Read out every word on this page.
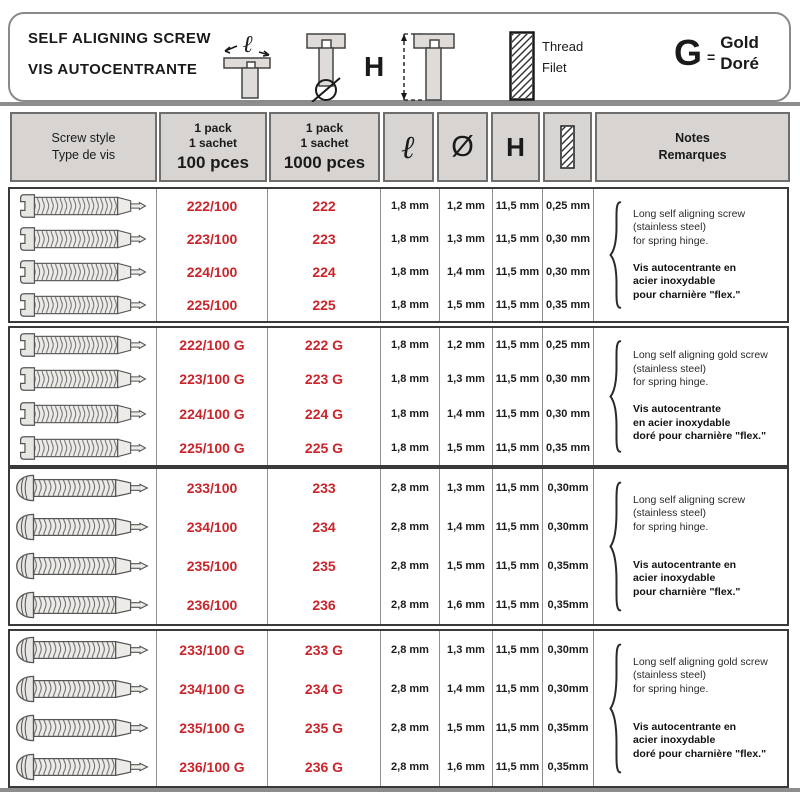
SELF ALIGNING SCREW
VIS AUTOCENTRANTE
ℓ
H
Thread
Filet	G =
Gold
Doré
Screw style
Type de vis
1 pack
1 sachet
100 pces
1 pack
1 sachet
1000 pces ℓ Ø H	Notes
Remarques
222/100	222	1,8 mm	1,2 mm 11,5 mm 0,25 mm
223/100	223	1,8 mm	1,3 mm 11,5 mm 0,30 mm
224/100	224	1,8 mm	1,4 mm 11,5 mm 0,30 mm
225/100	225	1,8 mm	1,5 mm 11,5 mm 0,35 mm
Long self aligning screw
(stainless steel)
for spring hinge.
Vis autocentrante en
acier inoxydable
pour charnière "flex."
222/100 G	222 G	1,8 mm	1,2 mm 11,5 mm 0,25 mm
223/100 G	223 G	1,8 mm	1,3 mm 11,5 mm 0,30 mm
224/100 G	224 G	1,8 mm	1,4 mm 11,5 mm 0,30 mm
225/100 G	225 G	1,8 mm	1,5 mm 11,5 mm 0,35 mm
Long self aligning gold screw
(stainless steel)
for spring hinge.
Vis autocentrante
en acier inoxydable
doré pour charnière "flex."
233/100	233	2,8 mm	1,3 mm 11,5 mm 0,30mm
234/100	234	2,8 mm	1,4 mm 11,5 mm 0,30mm
235/100	235	2,8 mm	1,5 mm 11,5 mm 0,35mm
236/100	236	2,8 mm	1,6 mm 11,5 mm 0,35mm
Long self aligning screw
(stainless steel)
for spring hinge.
Vis autocentrante en
acier inoxydable
pour charnière "flex."
233/100 G	233 G	2,8 mm	1,3 mm 11,5 mm 0,30mm
234/100 G	234 G	2,8 mm	1,4 mm 11,5 mm 0,30mm
235/100 G	235 G	2,8 mm	1,5 mm 11,5 mm 0,35mm
236/100 G	236 G	2,8 mm	1,6 mm 11,5 mm 0,35mm
Long self aligning gold screw
(stainless steel)
for spring hinge.
Vis autocentrante en
acier inoxydable
doré pour charnière "flex."
